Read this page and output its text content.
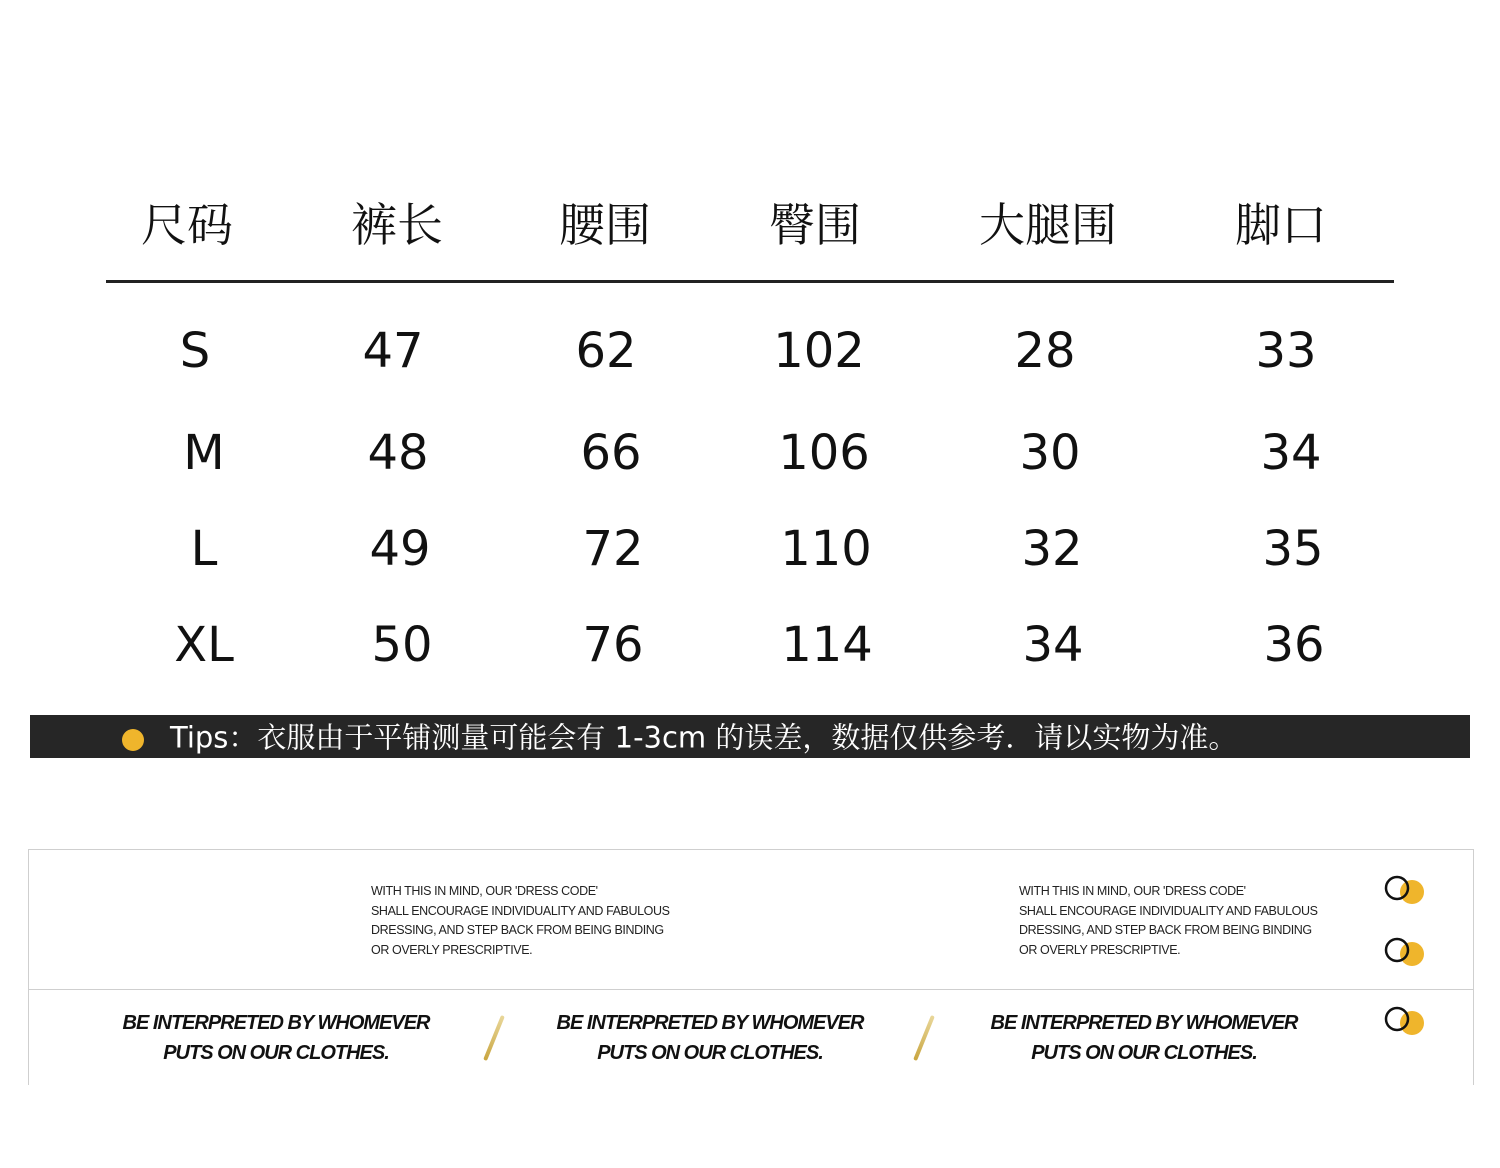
尺码	裤长	腰围	臀围	大腿围	脚口
S	47	62	102	28	33
M	48	66	106	30	34
L	49	72	110	32	35
XL	50	76	114	34	36
Tips：衣服由于平铺测量可能会有 1-3cm 的误差，数据仅供参考．请以实物为准。
WITH THIS IN MIND, OUR 'DRESS CODE'
SHALL ENCOURAGE INDIVIDUALITY AND FABULOUS
DRESSING, AND STEP BACK FROM BEING BINDING
OR OVERLY PRESCRIPTIVE.
WITH THIS IN MIND, OUR 'DRESS CODE'
SHALL ENCOURAGE INDIVIDUALITY AND FABULOUS
DRESSING, AND STEP BACK FROM BEING BINDING
OR OVERLY PRESCRIPTIVE.
BE INTERPRETED BY WHOMEVER
PUTS ON OUR CLOTHES.
BE INTERPRETED BY WHOMEVER
PUTS ON OUR CLOTHES.
BE INTERPRETED BY WHOMEVER
PUTS ON OUR CLOTHES.
